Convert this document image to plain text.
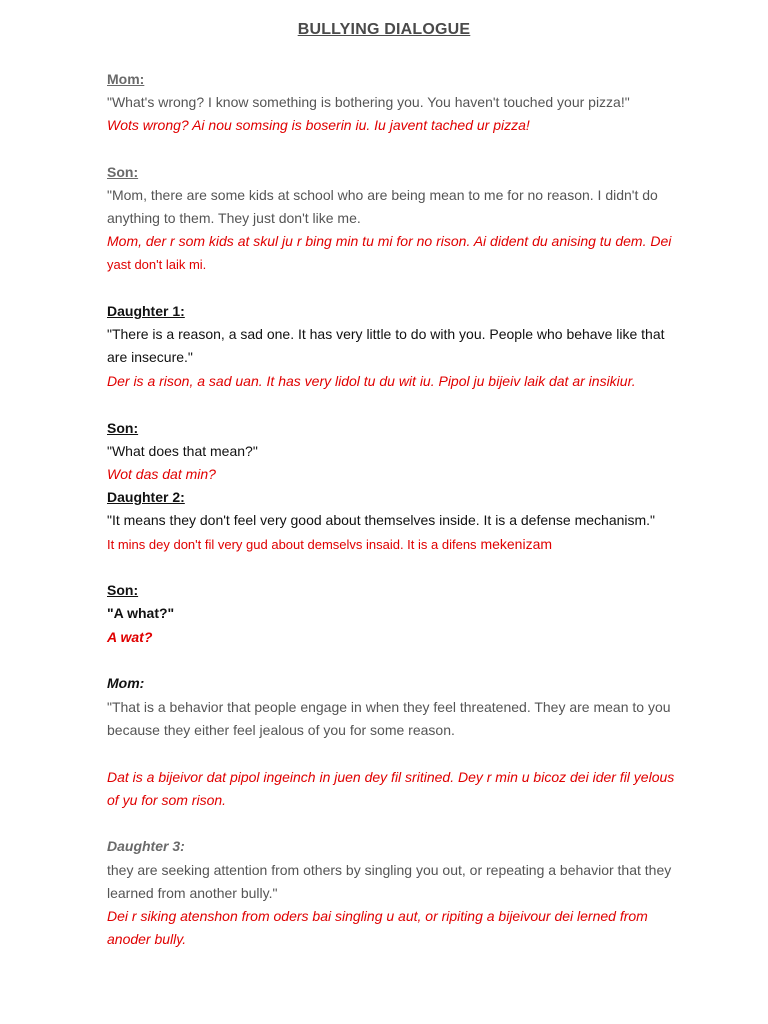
BULLYING DIALOGUE
Mom:
"What's wrong? I know something is bothering you. You haven't touched your pizza!"
Wots wrong? Ai nou somsing is boserin iu. Iu javent tached ur pizza!
Son:
"Mom, there are some kids at school who are being mean to me for no reason. I didn't do
anything to them. They just don't like me.
Mom, der r som kids at skul ju r bing min tu mi for no rison. Ai dident du anising tu dem. Dei
yast don't laik mi.
Daughter 1:
"There is a reason, a sad one. It has very little to do with you. People who behave like that
are insecure."
Der is a rison, a sad uan. It has very lidol tu du wit iu. Pipol ju bijeiv laik dat ar insikiur.
Son:
"What does that mean?"
Wot das dat min?
Daughter 2:
"It means they don't feel very good about themselves inside. It is a defense mechanism."
It mins dey don't fil very gud about demselvs insaid. It is a difens mekenizam
Son:
"A what?"
A wat?
Mom:
"That is a behavior that people engage in when they feel threatened. They are mean to you
because they either feel jealous of you for some reason.
Dat is a bijeivor dat pipol ingeinch in juen dey fil sritined. Dey r min u bicoz dei ider fil yelous
of yu for som rison.
Daughter 3:
they are seeking attention from others by singling you out, or repeating a behavior that they
learned from another bully."
Dei r siking atenshon from oders bai singling u aut, or ripiting a bijeivour dei lerned from
anoder bully.
